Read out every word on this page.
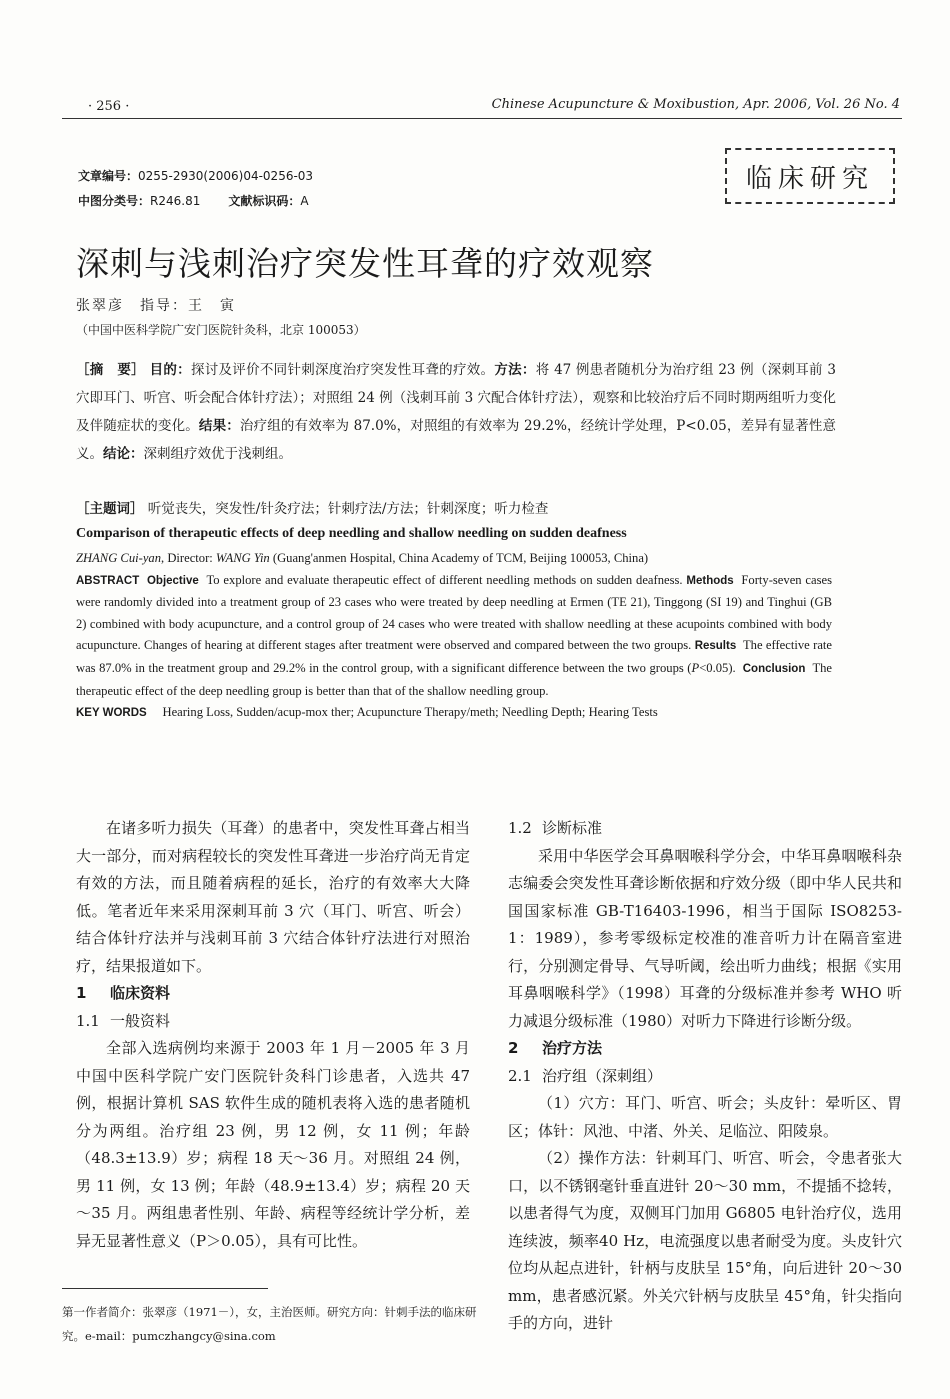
· 256 ·	Chinese Acupuncture & Moxibustion, Apr. 2006, Vol. 26 No. 4
文章编号：0255-2930(2006)04-0256-03
中图分类号：R246.81 文献标识码：A
临床研究
深刺与浅刺治疗突发性耳聋的疗效观察
张翠彦　指导：王　寅
（中国中医科学院广安门医院针灸科，北京 100053）
［摘　要］ 目的：探讨及评价不同针刺深度治疗突发性耳聋的疗效。方法：将 47 例患者随机分为治疗组 23 例（深刺耳前 3 穴即耳门、听宫、听会配合体针疗法）；对照组 24 例（浅刺耳前 3 穴配合体针疗法），观察和比较治疗后不同时期两组听力变化及伴随症状的变化。结果：治疗组的有效率为 87.0%，对照组的有效率为 29.2%，经统计学处理，P<0.05，差异有显著性意义。结论：深刺组疗效优于浅刺组。
［主题词］ 听觉丧失，突发性/针灸疗法；针刺疗法/方法；针刺深度；听力检查
Comparison of therapeutic effects of deep needling and shallow needling on sudden deafness
ZHANG Cui-yan, Director: WANG Yin (Guang'anmen Hospital, China Academy of TCM, Beijing 100053, China)
ABSTRACT Objective To explore and evaluate therapeutic effect of different needling methods on sudden deafness. Methods Forty-seven cases were randomly divided into a treatment group of 23 cases who were treated by deep needling at Ermen (TE 21), Tinggong (SI 19) and Tinghui (GB 2) combined with body acupuncture, and a control group of 24 cases who were treated with shallow needling at these acupoints combined with body acupuncture. Changes of hearing at different stages after treatment were observed and compared between the two groups. Results The effective rate was 87.0% in the treatment group and 29.2% in the control group, with a significant difference between the two groups (P<0.05). Conclusion The therapeutic effect of the deep needling group is better than that of the shallow needling group.
KEY WORDS Hearing Loss, Sudden/acup-mox ther; Acupuncture Therapy/meth; Needling Depth; Hearing Tests

在诸多听力损失（耳聋）的患者中，突发性耳聋占相当大一部分，而对病程较长的突发性耳聋进一步治疗尚无肯定有效的方法，而且随着病程的延长，治疗的有效率大大降低。笔者近年来采用深刺耳前 3 穴（耳门、听宫、听会）结合体针疗法并与浅刺耳前 3 穴结合体针疗法进行对照治疗，结果报道如下。

1 临床资料
1.1 一般资料

全部入选病例均来源于 2003 年 1 月－2005 年 3 月中国中医科学院广安门医院针灸科门诊患者，入选共 47 例，根据计算机 SAS 软件生成的随机表将入选的患者随机分为两组。治疗组 23 例，男 12 例，女 11 例；年龄（48.3±13.9）岁；病程 18 天～36 月。对照组 24 例，男 11 例，女 13 例；年龄（48.9±13.4）岁；病程 20 天～35 月。两组患者性别、年龄、病程等经统计学分析，差异无显著性意义（P＞0.05），具有可比性。

1.2 诊断标准

采用中华医学会耳鼻咽喉科学分会，中华耳鼻咽喉科杂志编委会突发性耳聋诊断依据和疗效分级（即中华人民共和国国家标准 GB-T16403-1996，相当于国际 ISO8253-1：1989），参考零级标定校准的准音听力计在隔音室进行，分别测定骨导、气导听阈，绘出听力曲线；根据《实用耳鼻咽喉科学》（1998）耳聋的分级标准并参考 WHO 听力减退分级标准（1980）对听力下降进行诊断分级。

2 治疗方法
2.1 治疗组（深刺组）

（1）穴方：耳门、听宫、听会；头皮针：晕听区、胃区；体针：风池、中渚、外关、足临泣、阳陵泉。

（2）操作方法：针刺耳门、听宫、听会，令患者张大口，以不锈钢毫针垂直进针 20～30 mm，不提插不捻转，以患者得气为度，双侧耳门加用 G6805 电针治疗仪，选用连续波，频率40 Hz，电流强度以患者耐受为度。头皮针穴位均从起点进针，针柄与皮肤呈 15°角，向后进针 20～30 mm，患者感沉紧。外关穴针柄与皮肤呈 45°角，针尖指向手的方向，进针

第一作者简介：张翠彦（1971－），女，主治医师。研究方向：针刺手法的临床研究。e-mail：pumczhangcy@sina.com
